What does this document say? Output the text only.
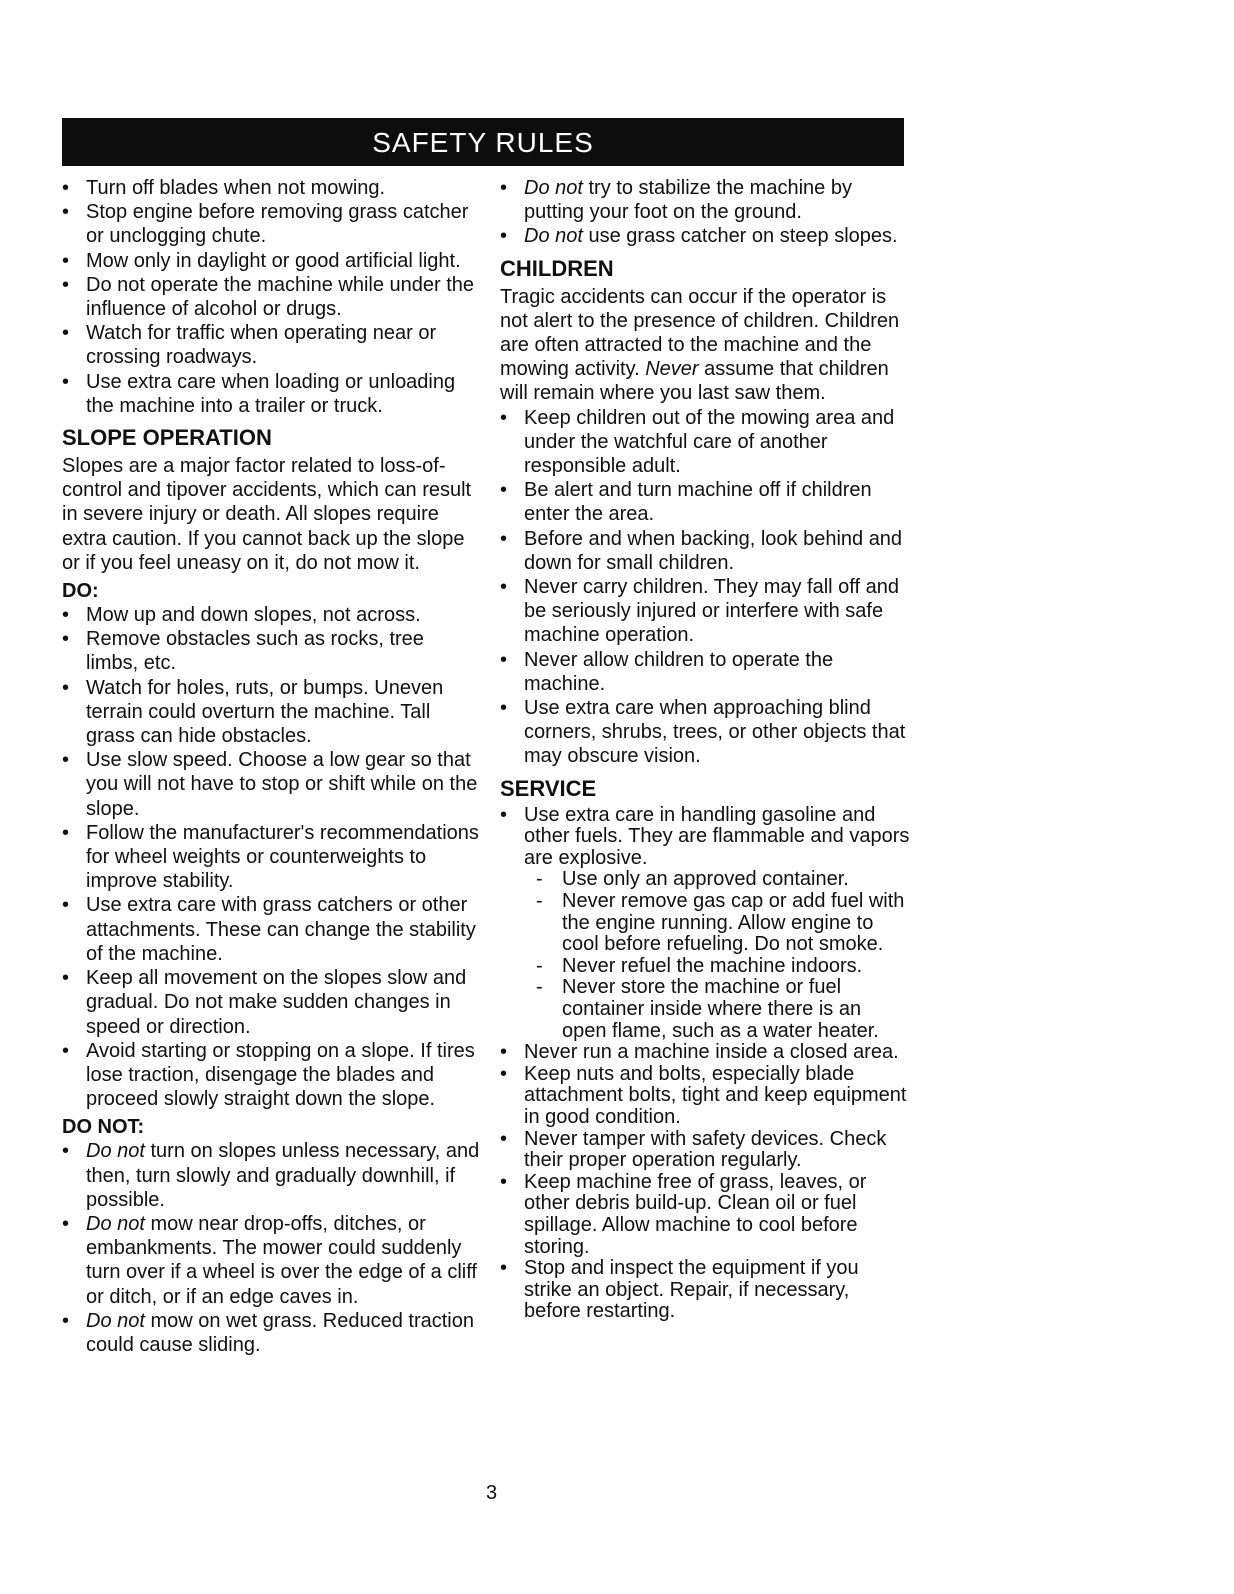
SAFETY RULES
• Turn off blades when not mowing.
• Stop engine before removing grass catcher or unclogging chute.
• Mow only in daylight or good artificial light.
• Do not operate the machine while under the influence of alcohol or drugs.
• Watch for traffic when operating near or crossing roadways.
• Use extra care when loading or unloading the machine into a trailer or truck.
SLOPE OPERATION

Slopes are a major factor related to loss-of-control and tipover accidents, which can result in severe injury or death. All slopes require extra caution. If you cannot back up the slope or if you feel uneasy on it, do not mow it.

DO:
• Mow up and down slopes, not across.
• Remove obstacles such as rocks, tree limbs, etc.
• Watch for holes, ruts, or bumps. Uneven terrain could overturn the machine. Tall grass can hide obstacles.
• Use slow speed. Choose a low gear so that you will not have to stop or shift while on the slope.
• Follow the manufacturer's recommendations for wheel weights or counterweights to improve stability.
• Use extra care with grass catchers or other attachments. These can change the stability of the machine.
• Keep all movement on the slopes slow and gradual. Do not make sudden changes in speed or direction.
• Avoid starting or stopping on a slope. If tires lose traction, disengage the blades and proceed slowly straight down the slope.
DO NOT:
• Do not turn on slopes unless necessary, and then, turn slowly and gradually downhill, if possible.
• Do not mow near drop-offs, ditches, or embankments. The mower could suddenly turn over if a wheel is over the edge of a cliff or ditch, or if an edge caves in.
• Do not mow on wet grass. Reduced traction could cause sliding.
• Do not try to stabilize the machine by putting your foot on the ground.
• Do not use grass catcher on steep slopes.
CHILDREN

Tragic accidents can occur if the operator is not alert to the presence of children. Children are often attracted to the machine and the mowing activity. Never assume that children will remain where you last saw them.

• Keep children out of the mowing area and under the watchful care of another responsible adult.
• Be alert and turn machine off if children enter the area.
• Before and when backing, look behind and down for small children.
• Never carry children. They may fall off and be seriously injured or interfere with safe machine operation.
• Never allow children to operate the machine.
• Use extra care when approaching blind corners, shrubs, trees, or other objects that may obscure vision.
SERVICE
• Use extra care in handling gasoline and other fuels. They are flammable and vapors are explosive.
- Use only an approved container.
- Never remove gas cap or add fuel with the engine running. Allow engine to cool before refueling. Do not smoke.
- Never refuel the machine indoors.
- Never store the machine or fuel container inside where there is an open flame, such as a water heater.
• Never run a machine inside a closed area.
• Keep nuts and bolts, especially blade attachment bolts, tight and keep equipment in good condition.
• Never tamper with safety devices. Check their proper operation regularly.
• Keep machine free of grass, leaves, or other debris build-up. Clean oil or fuel spillage. Allow machine to cool before storing.
• Stop and inspect the equipment if you strike an object. Repair, if necessary, before restarting.
3
